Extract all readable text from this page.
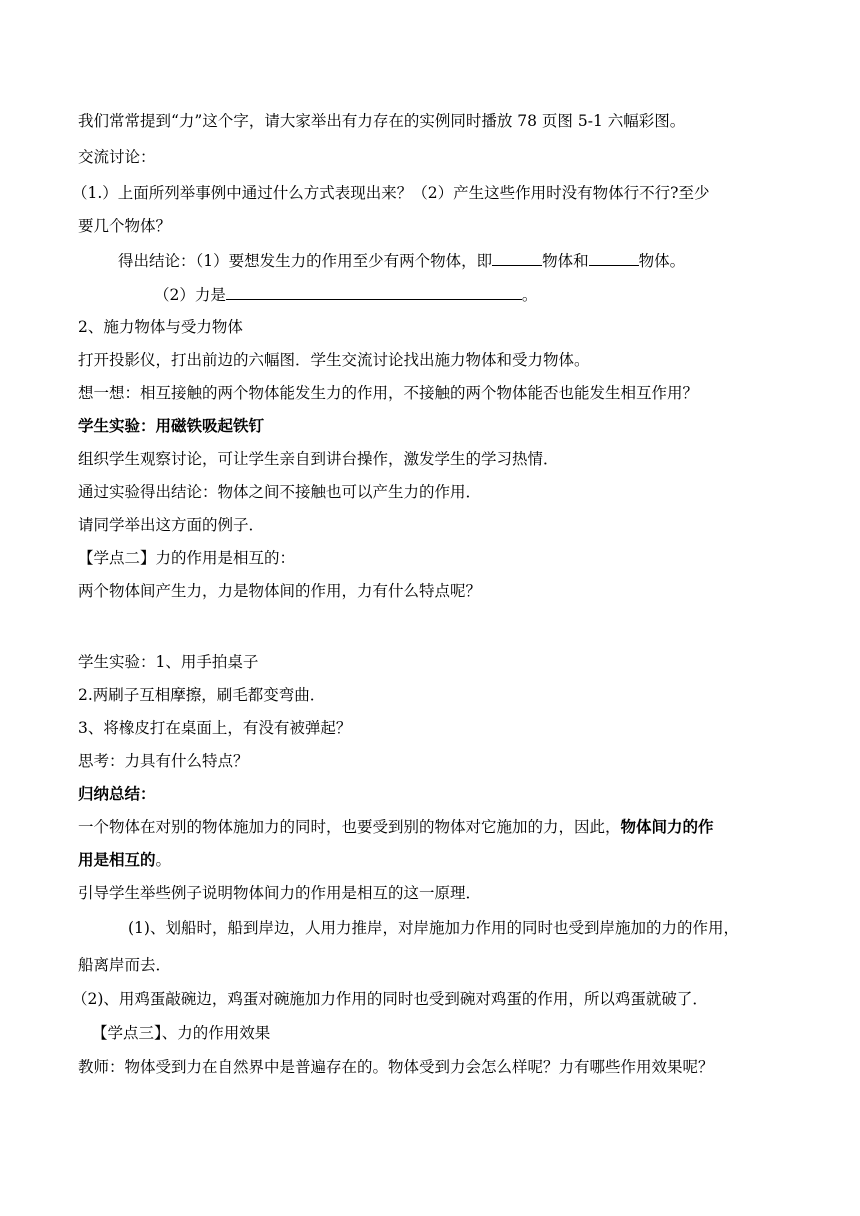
我们常常提到“力”这个字，请大家举出有力存在的实例同时播放 78 页图 5-1 六幅彩图。
交流讨论：
（1.）上面所列举事例中通过什么方式表现出来？（2）产生这些作用时没有物体行不行?至少
要几个物体？
得出结论：（1）要想发生力的作用至少有两个物体，即	物体和	物体。
（2）力是	。
2、施力物体与受力物体
打开投影仪，打出前边的六幅图．学生交流讨论找出施力物体和受力物体。
想一想：相互接触的两个物体能发生力的作用，不接触的两个物体能否也能发生相互作用？
学生实验：用磁铁吸起铁钉
组织学生观察讨论，可让学生亲自到讲台操作，激发学生的学习热情．
通过实验得出结论：物体之间不接触也可以产生力的作用．
请同学举出这方面的例子．
【学点二】力的作用是相互的：
两个物体间产生力，力是物体间的作用，力有什么特点呢？
学生实验：1、用手拍桌子
2.两刷子互相摩擦，刷毛都变弯曲．
3、将橡皮打在桌面上，有没有被弹起？
思考：力具有什么特点？
归纳总结：
一个物体在对别的物体施加力的同时，也要受到别的物体对它施加的力，因此，物体间力的作
用是相互的。
引导学生举些例子说明物体间力的作用是相互的这一原理．
(1)、划船时，船到岸边，人用力推岸，对岸施加力作用的同时也受到岸施加的力的作用，
船离岸而去．
（2)、用鸡蛋敲碗边，鸡蛋对碗施加力作用的同时也受到碗对鸡蛋的作用，所以鸡蛋就破了．
【学点三】、力的作用效果
教师：物体受到力在自然界中是普遍存在的。物体受到力会怎么样呢？力有哪些作用效果呢？
